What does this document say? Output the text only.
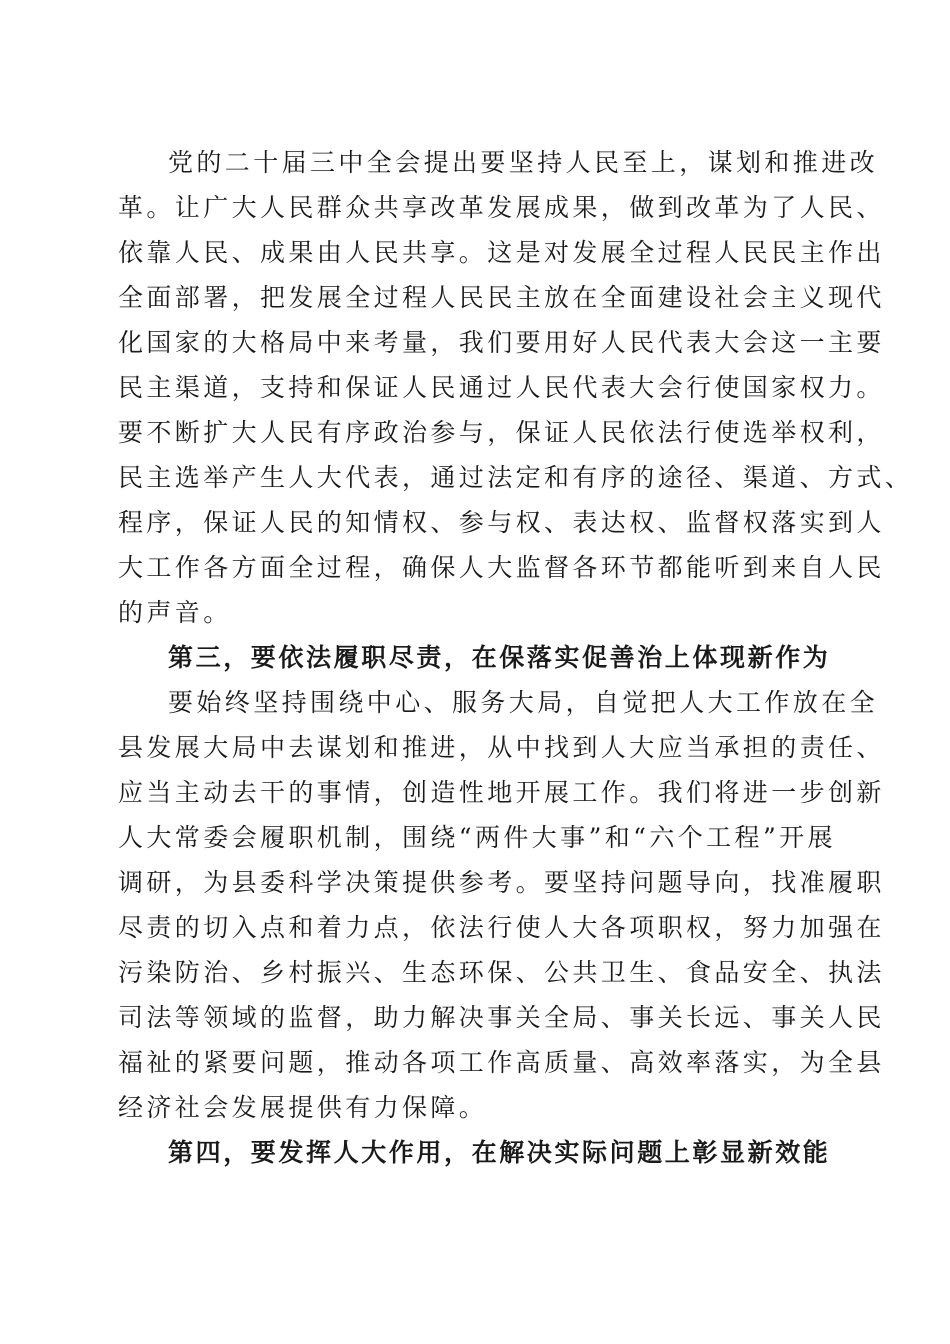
党的二十届三中全会提出要坚持人民至上，谋划和推进改
革。让广大人民群众共享改革发展成果，做到改革为了人民、
依靠人民、成果由人民共享。这是对发展全过程人民民主作出
全面部署，把发展全过程人民民主放在全面建设社会主义现代
化国家的大格局中来考量，我们要用好人民代表大会这一主要
民主渠道，支持和保证人民通过人民代表大会行使国家权力。
要不断扩大人民有序政治参与，保证人民依法行使选举权利，
民主选举产生人大代表，通过法定和有序的途径、渠道、方式、
程序，保证人民的知情权、参与权、表达权、监督权落实到人
大工作各方面全过程，确保人大监督各环节都能听到来自人民
的声音。
第三，要依法履职尽责，在保落实促善治上体现新作为
要始终坚持围绕中心、服务大局，自觉把人大工作放在全
县发展大局中去谋划和推进，从中找到人大应当承担的责任、
应当主动去干的事情，创造性地开展工作。我们将进一步创新
人大常委会履职机制，围绕“两件大事”和“六个工程”开展
调研，为县委科学决策提供参考。要坚持问题导向，找准履职
尽责的切入点和着力点，依法行使人大各项职权，努力加强在
污染防治、乡村振兴、生态环保、公共卫生、食品安全、执法
司法等领域的监督，助力解决事关全局、事关长远、事关人民
福祉的紧要问题，推动各项工作高质量、高效率落实，为全县
经济社会发展提供有力保障。
第四，要发挥人大作用，在解决实际问题上彰显新效能
